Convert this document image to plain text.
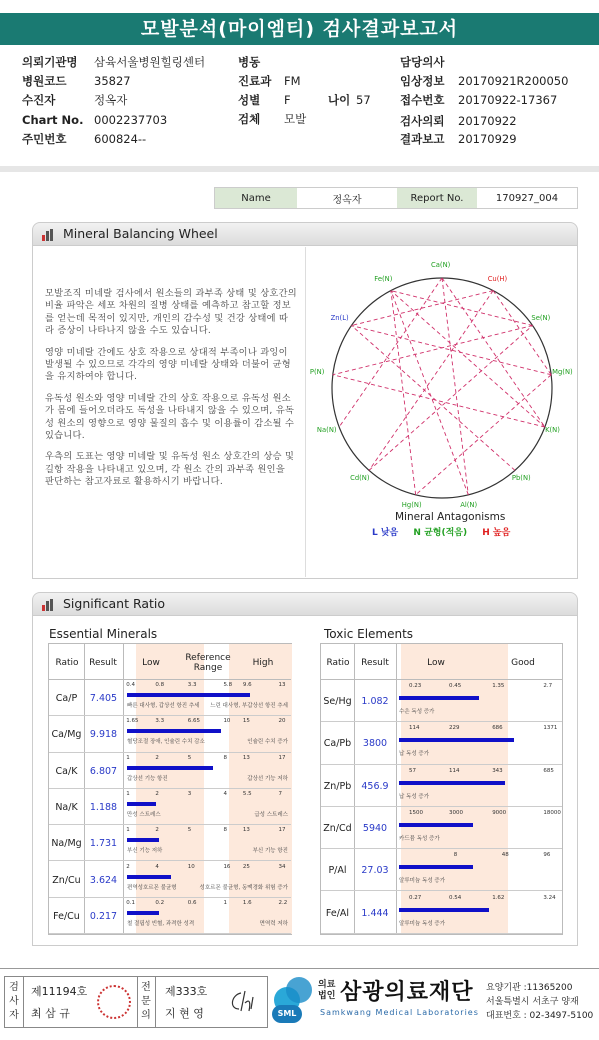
모발분석(마이엠티) 검사결과보고서
의뢰기관명 삼육서울병원힐링센터
병원코드 35827
수진자	정옥자
Chart No. 0002237703
주민번호 600824--
병동
진료과 FM
성별 F	나이 57
검체 모발
담당의사
임상정보 20170921R200050
접수번호 20170922-17367
검사의뢰 20170922
결과보고 20170929
Name	정옥자	Report No.	170927_004
Mineral Balancing Wheel

모발조직 미네랄 검사에서 원소들의 과부족 상태 및 상호간의 비율 파악은 세포 차원의 질병 상태를 예측하고 참고할 정보를 얻는데 목적이 있지만, 개인의 감수성 및 건강 상태에 따라 증상이 나타나지 않을 수도 있습니다.

영양 미네랄 간에도 상호 작용으로 상대적 부족이나 과잉이 발생될 수 있으므로 각각의 영양 미네랄 상태와 더불어 균형을 유지하여야 합니다.

유독성 원소와 영양 미네랄 간의 상호 작용으로 유독성 원소가 몸에 들어오더라도 독성을 나타내지 않을 수 있으며, 유독성 원소의 영향으로 영양 물질의 흡수 및 이용률이 감소될 수 있습니다.

우측의 도표는 영양 미네랄 및 유독성 원소 상호간의 상승 및 길항 작용을 나타내고 있으며, 각 원소 간의 과부족 원인을 판단하는 참고자료로 활용하시기 바랍니다.

Ca(N)
Cu(H)
Se(N)
Mg(N)
K(N)
Pb(N)
Al(N)
Hg(N)
Cd(N)
Na(N)
P(N)
Zn(L)
Fe(N)
Mineral Antagonisms
L 낮음 N 균형(적음) H 높음
Significant Ratio
Essential Minerals	Toxic Elements
Ratio	Result	Low	Reference Range	High
Ca/P	7.405
0.4	0.8	3.3	5.8 9.6	13
빠른 대사형, 갑상선 항진 추세 느린 대사형, 부갑상선 항진 추세
Ca/Mg 9.918
1.65	3.3	6.65	10 15	20
혈당조절 장애, 인슐린 수치 감소	인슐린 수치 증가
Ca/K	6.807
1	2	5	8	13	17
갑상선 기능 항진	갑상선 기능 저하
Na/K	1.188
1	2	3	4	5.5	7
만성 스트레스	급성 스트레스
Na/Mg 1.731
1	2	5	8	13	17
부신 기능 저하	부신 기능 항진
Zn/Cu 3.624
2	4	10	16 25	34
편역성호르몬 불균형	성호르몬 불균형, 동맥경화 위험 증가
Fe/Cu	0.217
0.1	0.2	0.6	1	1.6	2.2
철 결핍성 빈혈, 과격한 성격	면역력 저하
Ratio	Result	Low	Good
Se/Hg	1.082
0.23	0.45	1.35	2.7
수은 독성 증가
Ca/Pb	3800
114	229	686	1371
납 독성 증가
Zn/Pb	456.9
57	114	343	685
납 독성 증가
Zn/Cd	5940
1500	3000	9000	18000
카드뮴 독성 증가
P/Al	27.03
8	48	96
알루미늄 독성 증가
Fe/Al	1.444
0.27	0.54	1.62	3.24
알루미늄 독성 증가
검사자
제11194호
최 삼 규
전문의
제333호
지 현 영	SML
의료법인 삼광의료재단
Samkwang Medical Laboratories
요양기관 :11365200
서울특별시 서초구 양재
대표번호 : 02-3497-5100
